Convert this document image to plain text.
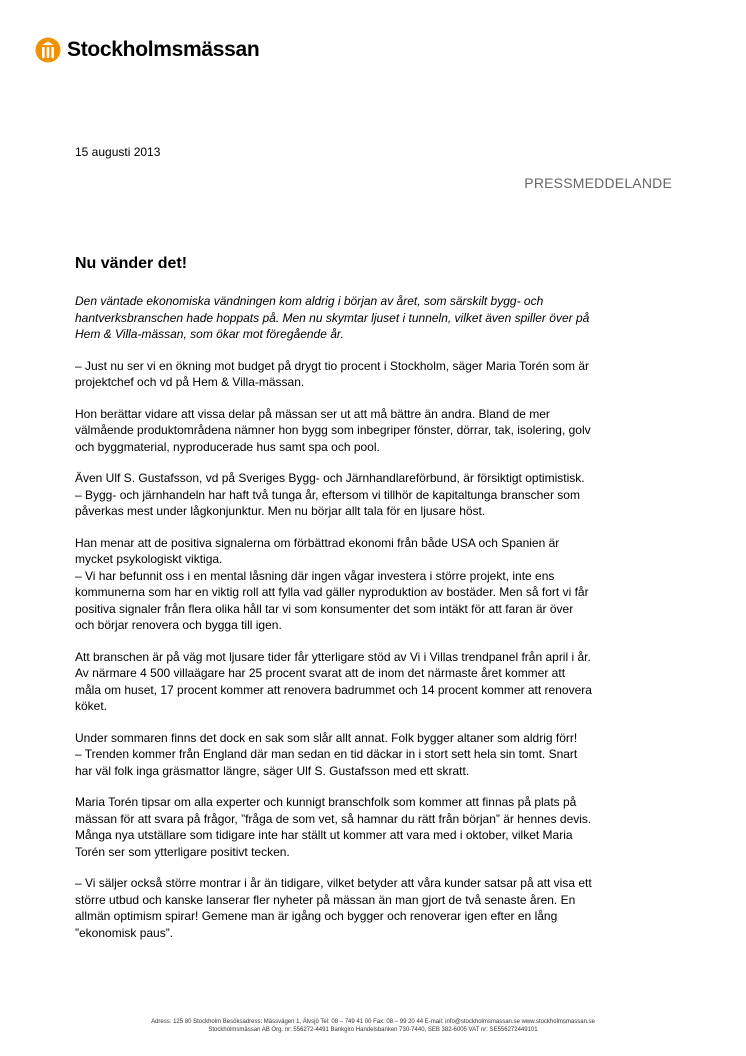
Stockholmsmässan
15 augusti 2013
PRESSMEDDELANDE
Nu vänder det!

Den väntade ekonomiska vändningen kom aldrig i början av året, som särskilt bygg- och
hantverksbranschen hade hoppats på. Men nu skymtar ljuset i tunneln, vilket även spiller över på
Hem & Villa-mässan, som ökar mot föregående år.

– Just nu ser vi en ökning mot budget på drygt tio procent i Stockholm, säger Maria Torén som är
projektchef och vd på Hem & Villa-mässan.

Hon berättar vidare att vissa delar på mässan ser ut att må bättre än andra. Bland de mer
välmående produktområdena nämner hon bygg som inbegriper fönster, dörrar, tak, isolering, golv
och byggmaterial, nyproducerade hus samt spa och pool.

Även Ulf S. Gustafsson, vd på Sveriges Bygg- och Järnhandlareförbund, är försiktigt optimistisk.
– Bygg- och järnhandeln har haft två tunga år, eftersom vi tillhör de kapitaltunga branscher som
påverkas mest under lågkonjunktur. Men nu börjar allt tala för en ljusare höst.

Han menar att de positiva signalerna om förbättrad ekonomi från både USA och Spanien är
mycket psykologiskt viktiga.
– Vi har befunnit oss i en mental låsning där ingen vågar investera i större projekt, inte ens
kommunerna som har en viktig roll att fylla vad gäller nyproduktion av bostäder. Men så fort vi får
positiva signaler från flera olika håll tar vi som konsumenter det som intäkt för att faran är över
och börjar renovera och bygga till igen.

Att branschen är på väg mot ljusare tider får ytterligare stöd av Vi i Villas trendpanel från april i år.
Av närmare 4 500 villaägare har 25 procent svarat att de inom det närmaste året kommer att
måla om huset, 17 procent kommer att renovera badrummet och 14 procent kommer att renovera
köket.

Under sommaren finns det dock en sak som slår allt annat. Folk bygger altaner som aldrig förr!
– Trenden kommer från England där man sedan en tid däckar in i stort sett hela sin tomt. Snart
har väl folk inga gräsmattor längre, säger Ulf S. Gustafsson med ett skratt.

Maria Torén tipsar om alla experter och kunnigt branschfolk som kommer att finnas på plats på
mässan för att svara på frågor, ”fråga de som vet, så hamnar du rätt från början” är hennes devis.
Många nya utställare som tidigare inte har ställt ut kommer att vara med i oktober, vilket Maria
Torén ser som ytterligare positivt tecken.

– Vi säljer också större montrar i år än tidigare, vilket betyder att våra kunder satsar på att visa ett
större utbud och kanske lanserar fler nyheter på mässan än man gjort de två senaste åren. En
allmän optimism spirar! Gemene man är igång och bygger och renoverar igen efter en lång
”ekonomisk paus”.

Adress: 125 80 Stockholm Besöksadress: Mässvägen 1, Älvsjö Tel: 08 – 749 41 00 Fax: 08 – 99 20 44 E-mail: info@stockholmsmassan.se www.stockholmsmassan.se
Stockholmsmässan AB Org. nr: 556272-4491 Bankgiro Handelsbanken 730-7440, SEB 382-6005 VAT nr: SE556272449101
